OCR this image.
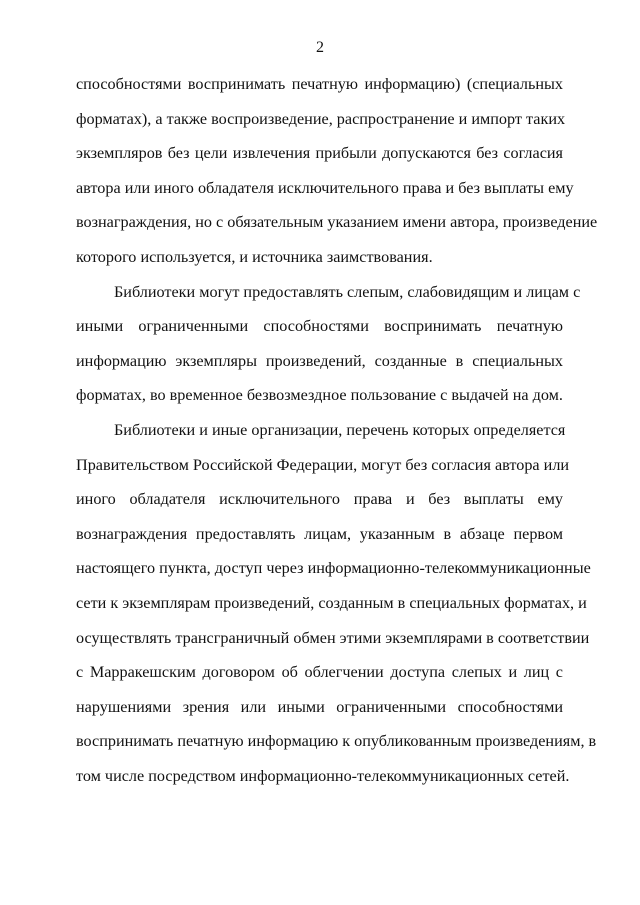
2
способностями воспринимать печатную информацию) (специальных
форматах), а также воспроизведение, распространение и импорт таких
экземпляров без цели извлечения прибыли допускаются без согласия
автора или иного обладателя исключительного права и без выплаты ему
вознаграждения, но с обязательным указанием имени автора, произведение
которого используется, и источника заимствования.
Библиотеки могут предоставлять слепым, слабовидящим и лицам с
иными ограниченными способностями воспринимать печатную
информацию экземпляры произведений, созданные в специальных
форматах, во временное безвозмездное пользование с выдачей на дом.
Библиотеки и иные организации, перечень которых определяется
Правительством Российской Федерации, могут без согласия автора или
иного обладателя исключительного права и без выплаты ему
вознаграждения предоставлять лицам, указанным в абзаце первом
настоящего пункта, доступ через информационно-телекоммуникационные
сети к экземплярам произведений, созданным в специальных форматах, и
осуществлять трансграничный обмен этими экземплярами в соответствии
с Марракешским договором об облегчении доступа слепых и лиц с
нарушениями зрения или иными ограниченными способностями
воспринимать печатную информацию к опубликованным произведениям, в
том числе посредством информационно-телекоммуникационных сетей.
